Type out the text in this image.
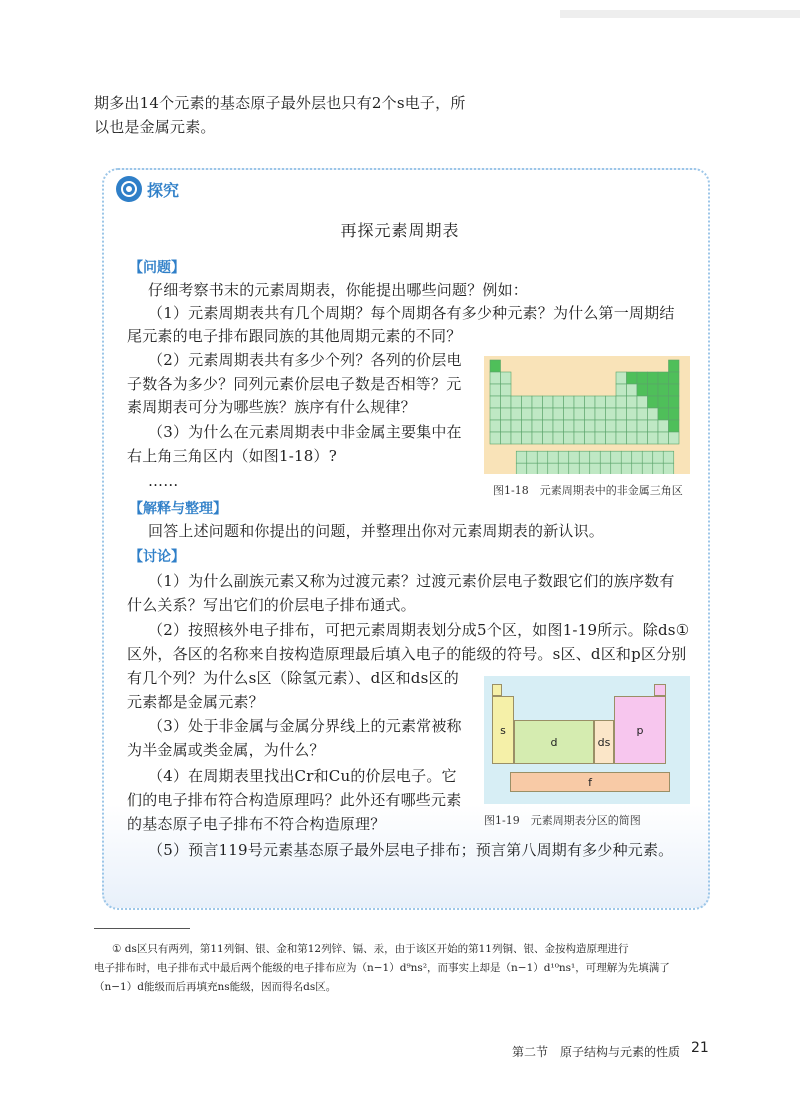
期多出14个元素的基态原子最外层也只有2个s电子，所
以也是金属元素。
探究
再探元素周期表
【问题】
仔细考察书末的元素周期表，你能提出哪些问题？例如：
（1）元素周期表共有几个周期？每个周期各有多少种元素？为什么第一周期结
尾元素的电子排布跟同族的其他周期元素的不同？
（2）元素周期表共有多少个列？各列的价层电
子数各为多少？同列元素价层电子数是否相等？元
素周期表可分为哪些族？族序有什么规律？
（3）为什么在元素周期表中非金属主要集中在
右上角三角区内（如图1-18）?
……
图1-18　元素周期表中的非金属三角区
【解释与整理】
回答上述问题和你提出的问题，并整理出你对元素周期表的新认识。
【讨论】
（1）为什么副族元素又称为过渡元素？过渡元素价层电子数跟它们的族序数有
什么关系？写出它们的价层电子排布通式。
（2）按照核外电子排布，可把元素周期表划分成5个区，如图1-19所示。除ds①
区外，各区的名称来自按构造原理最后填入电子的能级的符号。s区、d区和p区分别
有几个列？为什么s区（除氢元素）、d区和ds区的
元素都是金属元素？
（3）处于非金属与金属分界线上的元素常被称
为半金属或类金属，为什么？
（4）在周期表里找出Cr和Cu的价层电子。它
们的电子排布符合构造原理吗？此外还有哪些元素
的基态原子电子排布不符合构造原理？
（5）预言119号元素基态原子最外层电子排布；预言第八周期有多少种元素。
s
d	ds
p
f
图1-19　元素周期表分区的简图
① ds区只有两列，第11列铜、银、金和第12列锌、镉、汞，由于该区开始的第11列铜、银、金按构造原理进行
电子排布时，电子排布式中最后两个能级的电子排布应为（n−1）d⁹ns²，而事实上却是（n−1）d¹⁰ns¹，可理解为先填满了
（n−1）d能级而后再填充ns能级，因而得名ds区。
第二节　原子结构与元素的性质 21
